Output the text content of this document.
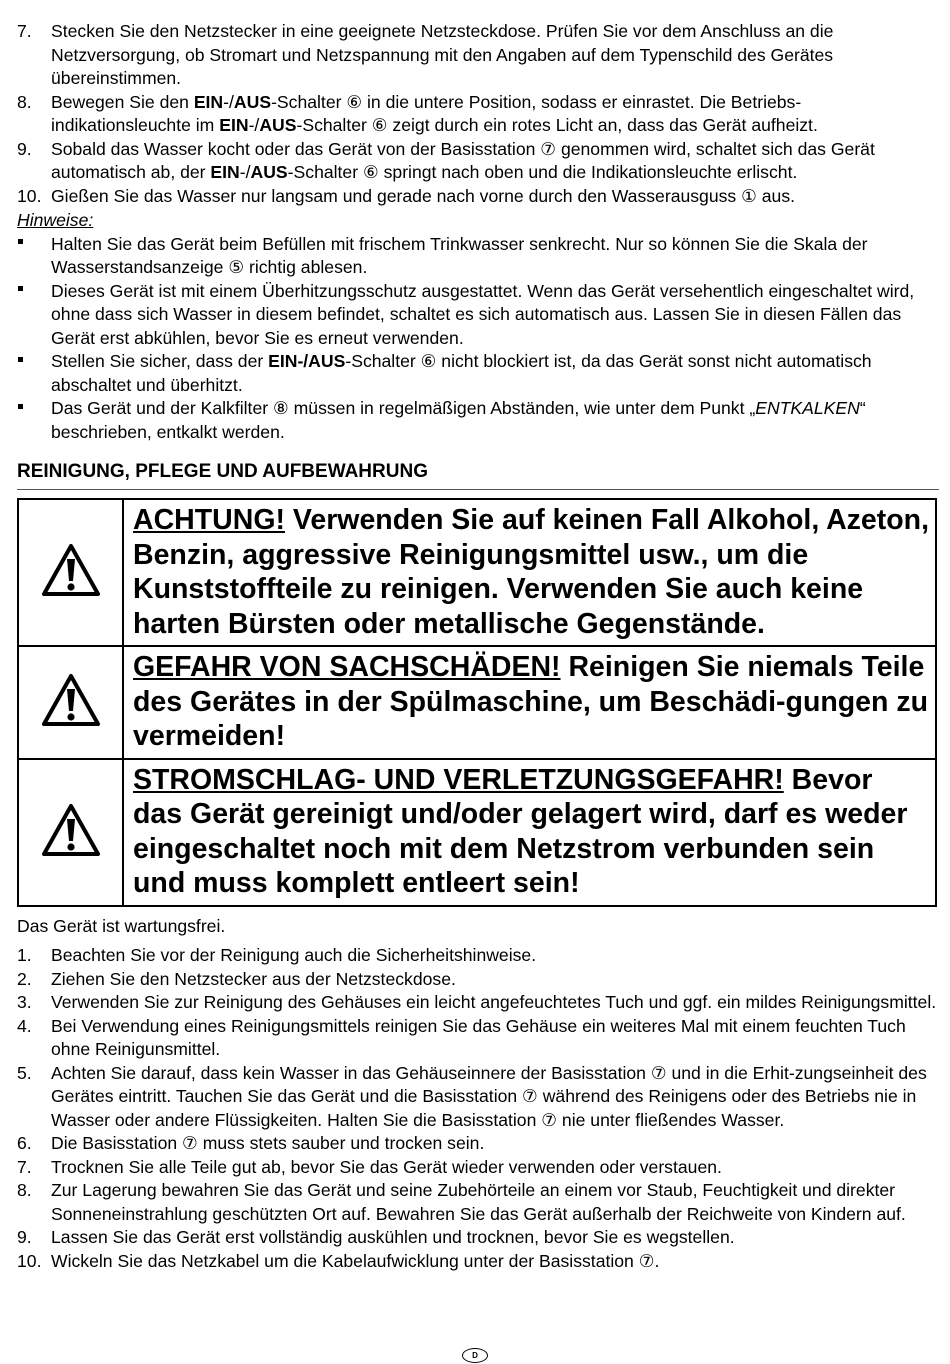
7.	Stecken Sie den Netzstecker in eine geeignete Netzsteckdose. Prüfen Sie vor dem Anschluss an die Netzversorgung, ob Stromart und Netzspannung mit den Angaben auf dem Typenschild des Gerätes übereinstimmen.
8.	Bewegen Sie den EIN-/AUS-Schalter ⑥ in die untere Position, sodass er einrastet. Die Betriebs-indikationsleuchte im EIN-/AUS-Schalter ⑥ zeigt durch ein rotes Licht an, dass das Gerät aufheizt.
9.	Sobald das Wasser kocht oder das Gerät von der Basisstation ⑦ genommen wird, schaltet sich das Gerät automatisch ab, der EIN-/AUS-Schalter ⑥ springt nach oben und die Indikationsleuchte erlischt.
10. Gießen Sie das Wasser nur langsam und gerade nach vorne durch den Wasserausguss ① aus.
Hinweise:
Halten Sie das Gerät beim Befüllen mit frischem Trinkwasser senkrecht. Nur so können Sie die Skala der Wasserstandsanzeige ⑤ richtig ablesen.
Dieses Gerät ist mit einem Überhitzungsschutz ausgestattet. Wenn das Gerät versehentlich eingeschaltet wird, ohne dass sich Wasser in diesem befindet, schaltet es sich automatisch aus. Lassen Sie in diesen Fällen das Gerät erst abkühlen, bevor Sie es erneut verwenden.
Stellen Sie sicher, dass der EIN-/AUS-Schalter ⑥ nicht blockiert ist, da das Gerät sonst nicht automatisch abschaltet und überhitzt.
Das Gerät und der Kalkfilter ⑧ müssen in regelmäßigen Abständen, wie unter dem Punkt „ENTKALKEN“ beschrieben, entkalkt werden.
REINIGUNG, PFLEGE UND AUFBEWAHRUNG
	ACHTUNG! Verwenden Sie auf keinen Fall Alkohol, Azeton, Benzin, aggressive Reinigungsmittel usw., um die Kunststoffteile zu reinigen. Verwenden Sie auch keine harten Bürsten oder metallische Gegenstände.
	GEFAHR VON SACHSCHÄDEN! Reinigen Sie niemals Teile des Gerätes in der Spülmaschine, um Beschädi-gungen zu vermeiden!
	STROMSCHLAG- UND VERLETZUNGSGEFAHR! Bevor das Gerät gereinigt und/oder gelagert wird, darf es weder eingeschaltet noch mit dem Netzstrom verbunden sein und muss komplett entleert sein!
Das Gerät ist wartungsfrei.
1.	Beachten Sie vor der Reinigung auch die Sicherheitshinweise.
2.	Ziehen Sie den Netzstecker aus der Netzsteckdose.
3.	Verwenden Sie zur Reinigung des Gehäuses ein leicht angefeuchtetes Tuch und ggf. ein mildes Reinigungsmittel.
4.	Bei Verwendung eines Reinigungsmittels reinigen Sie das Gehäuse ein weiteres Mal mit einem feuchten Tuch ohne Reinigunsmittel.
5.	Achten Sie darauf, dass kein Wasser in das Gehäuseinnere der Basisstation ⑦ und in die Erhit-zungseinheit des Gerätes eintritt. Tauchen Sie das Gerät und die Basisstation ⑦ während des Reinigens oder des Betriebs nie in Wasser oder andere Flüssigkeiten. Halten Sie die Basisstation ⑦ nie unter fließendes Wasser.
6.	Die Basisstation ⑦ muss stets sauber und trocken sein.
7.	Trocknen Sie alle Teile gut ab, bevor Sie das Gerät wieder verwenden oder verstauen.
8.	Zur Lagerung bewahren Sie das Gerät und seine Zubehörteile an einem vor Staub, Feuchtigkeit und direkter Sonneneinstrahlung geschützten Ort auf. Bewahren Sie das Gerät außerhalb der Reichweite von Kindern auf.
9.	Lassen Sie das Gerät erst vollständig auskühlen und trocknen, bevor Sie es wegstellen.
10. Wickeln Sie das Netzkabel um die Kabelaufwicklung unter der Basisstation ⑦.
D
